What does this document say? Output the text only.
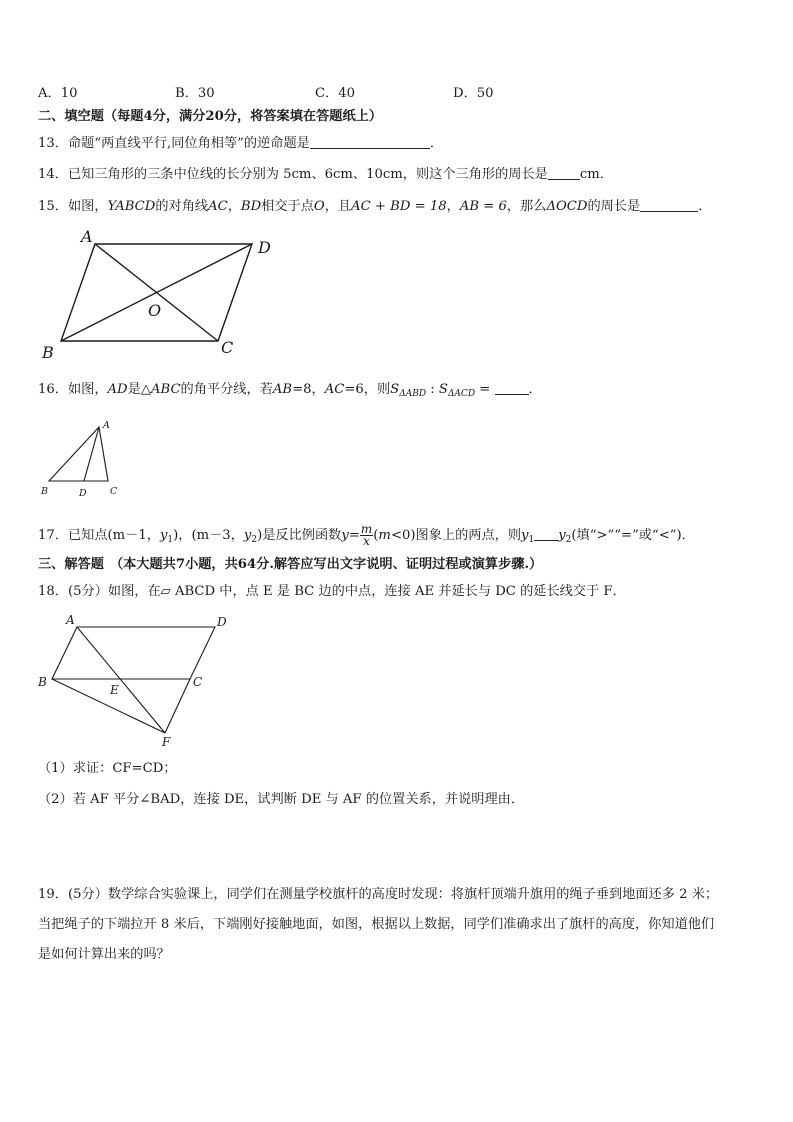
A．10	B．30	C．40	D．50
二、填空题（每题4分，满分20分，将答案填在答题纸上）
13．命题“两直线平行,同位角相等”的逆命题是	．
14．已知三角形的三条中位线的长分别为 5cm、6cm、10cm，则这个三角形的周长是 cm．
15．如图，YABCD的对角线AC，BD相交于点O，且AC + BD = 18，AB = 6，那么ΔOCD的周长是	．
A
D
O
B	C
A
B	D C
A	D
B	C
E
F
16．如图，AD是△ABC的角平分线，若AB=8，AC=6，则$S_{\Delta ABD}$ : $S_{\Delta ACD}$ =	．
17．已知点(m－1，$y_1$)，(m－3，$y_2$)是反比例函数$y= \frac{m}{x} (m<0)$图象上的两点，则$y_1$ $y_2$(填“>”“=”或“<”)．
三、解答题 （本大题共7小题，共64分.解答应写出文字说明、证明过程或演算步骤.）
18．(5分）如图，在▱ ABCD 中，点 E 是 BC 边的中点，连接 AE 并延长与 DC 的延长线交于 F．
（1）求证：CF=CD；
（2）若 AF 平分∠BAD，连接 DE，试判断 DE 与 AF 的位置关系，并说明理由．
19．(5分）数学综合实验课上，同学们在测量学校旗杆的高度时发现：将旗杆顶端升旗用的绳子垂到地面还多 2 米；
当把绳子的下端拉开 8 米后，下端刚好接触地面，如图，根据以上数据，同学们准确求出了旗杆的高度，你知道他们
是如何计算出来的吗？
